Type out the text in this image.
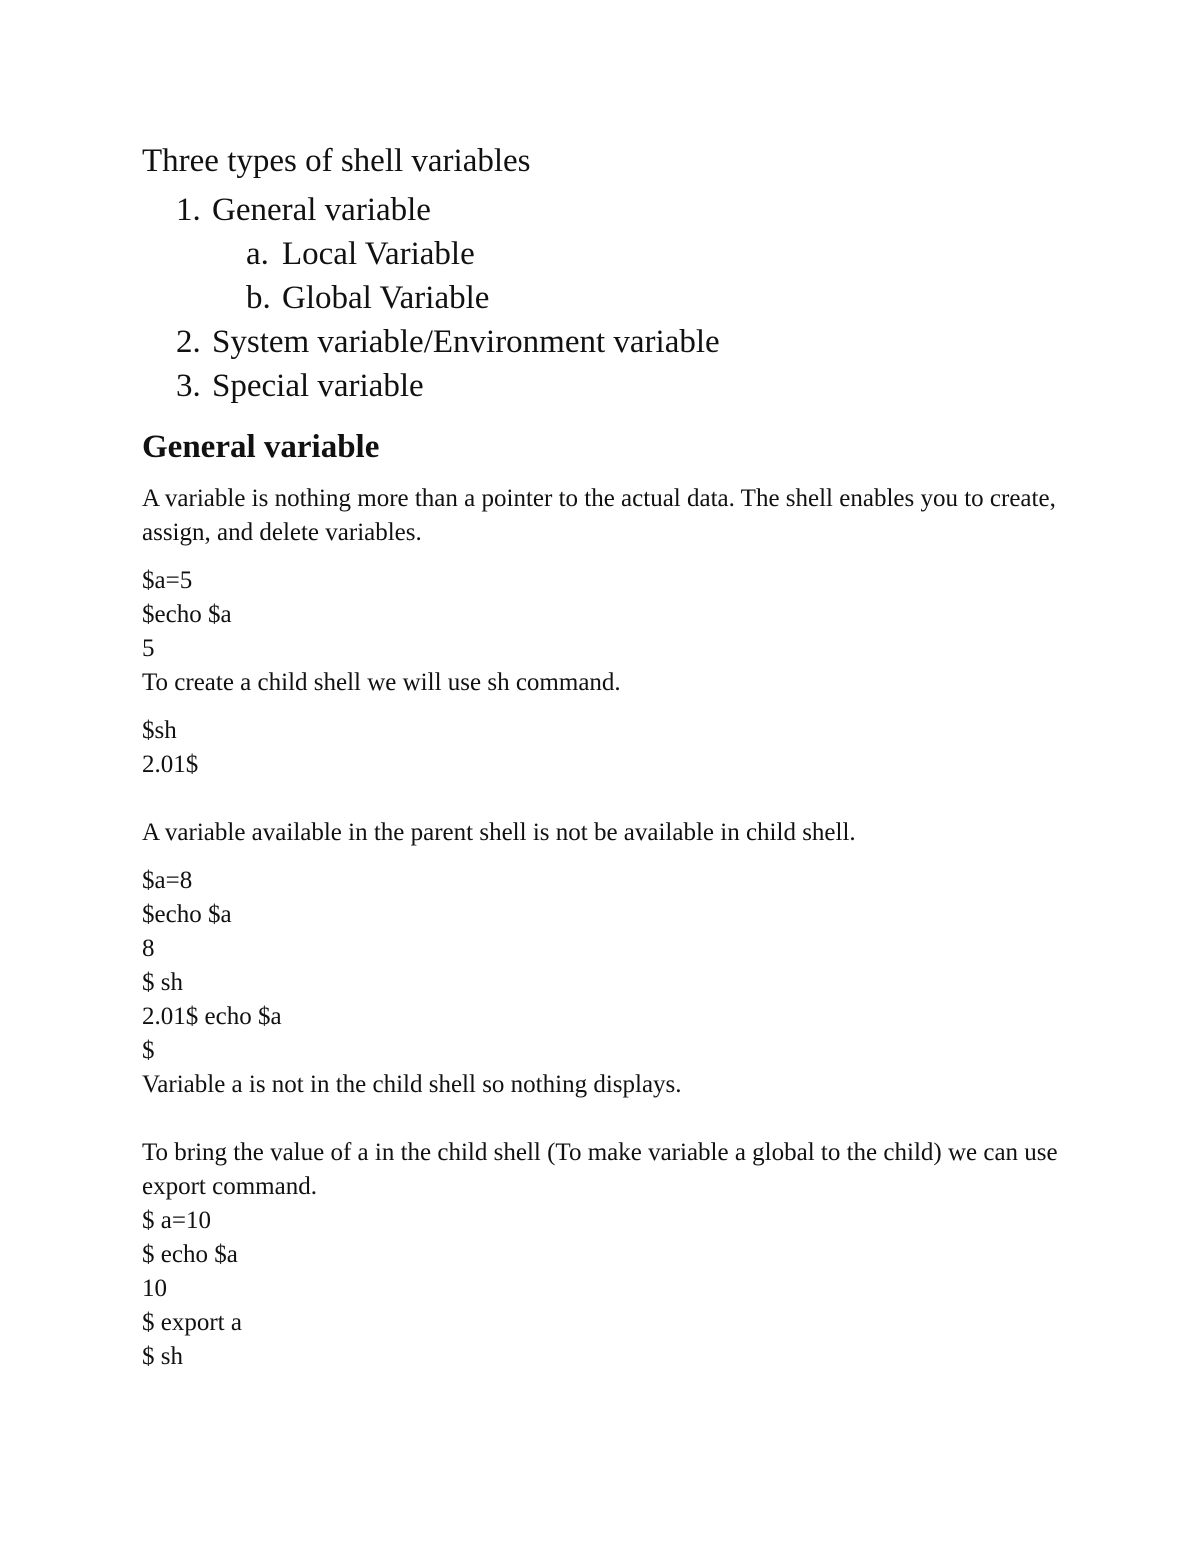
Three types of shell variables
1. General variable
a. Local Variable
b. Global Variable
2. System variable/Environment variable
3. Special variable
General variable

A variable is nothing more than a pointer to the actual data. The shell enables you to create, assign, and delete variables.

$a=5

$echo $a

5

To create a child shell we will use sh command.

$sh

2.01$

A variable available in the parent shell is not be available in child shell.

$a=8

$echo $a

8

$ sh

2.01$ echo $a

$

Variable a is not in the child shell so nothing displays.

To bring the value of a in the child shell (To make variable a global to the child) we can use export command.

$ a=10

$ echo $a

10

$ export a

$ sh
